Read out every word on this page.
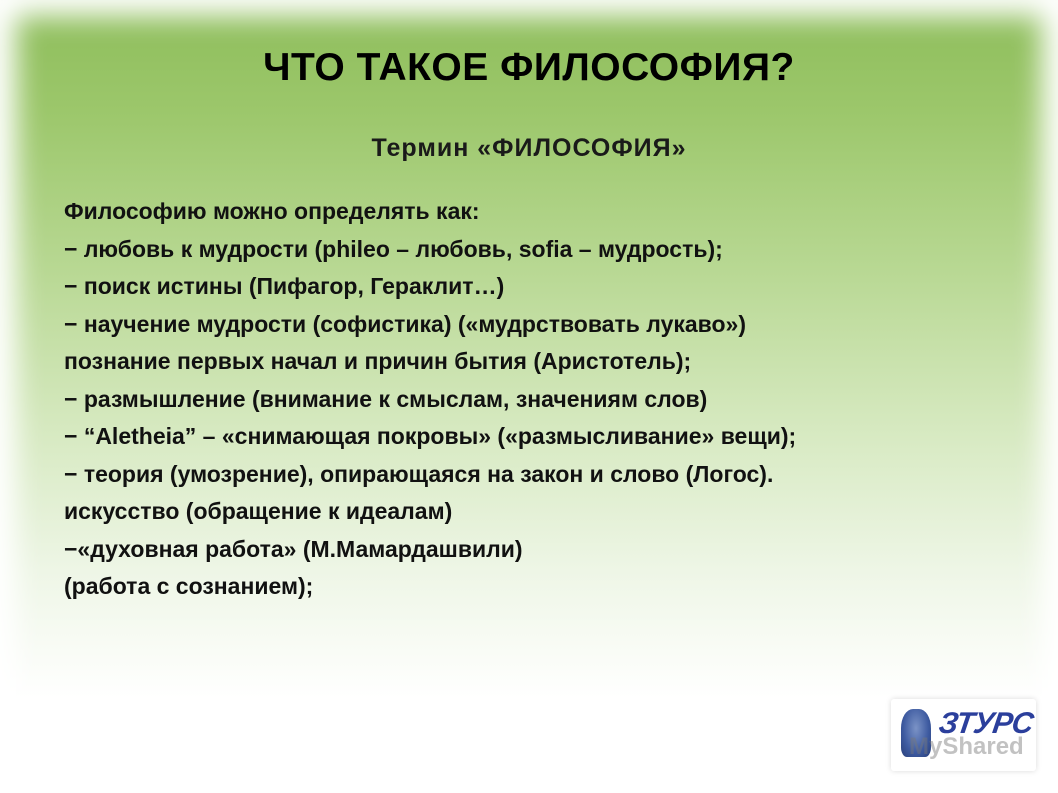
ЧТО ТАКОЕ ФИЛОСОФИЯ?
Термин «ФИЛОСОФИЯ»

Философию можно определять как:

− любовь к мудрости (phileo – любовь, sofia – мудрость);

− поиск истины (Пифагор, Гераклит…)

− научение мудрости (софистика) («мудрствовать лукаво»)

познание первых начал и причин бытия (Аристотель);

− размышление (внимание к смыслам, значениям слов)

− “Aletheia” – «снимающая покровы» («размысливание» вещи);

− теория (умозрение), опирающаяся на закон и слово (Логос).

искусство (обращение к идеалам)

−«духовная работа» (М.Мамардашвили)

(работа с сознанием);

ЗТУРС
MyShared
